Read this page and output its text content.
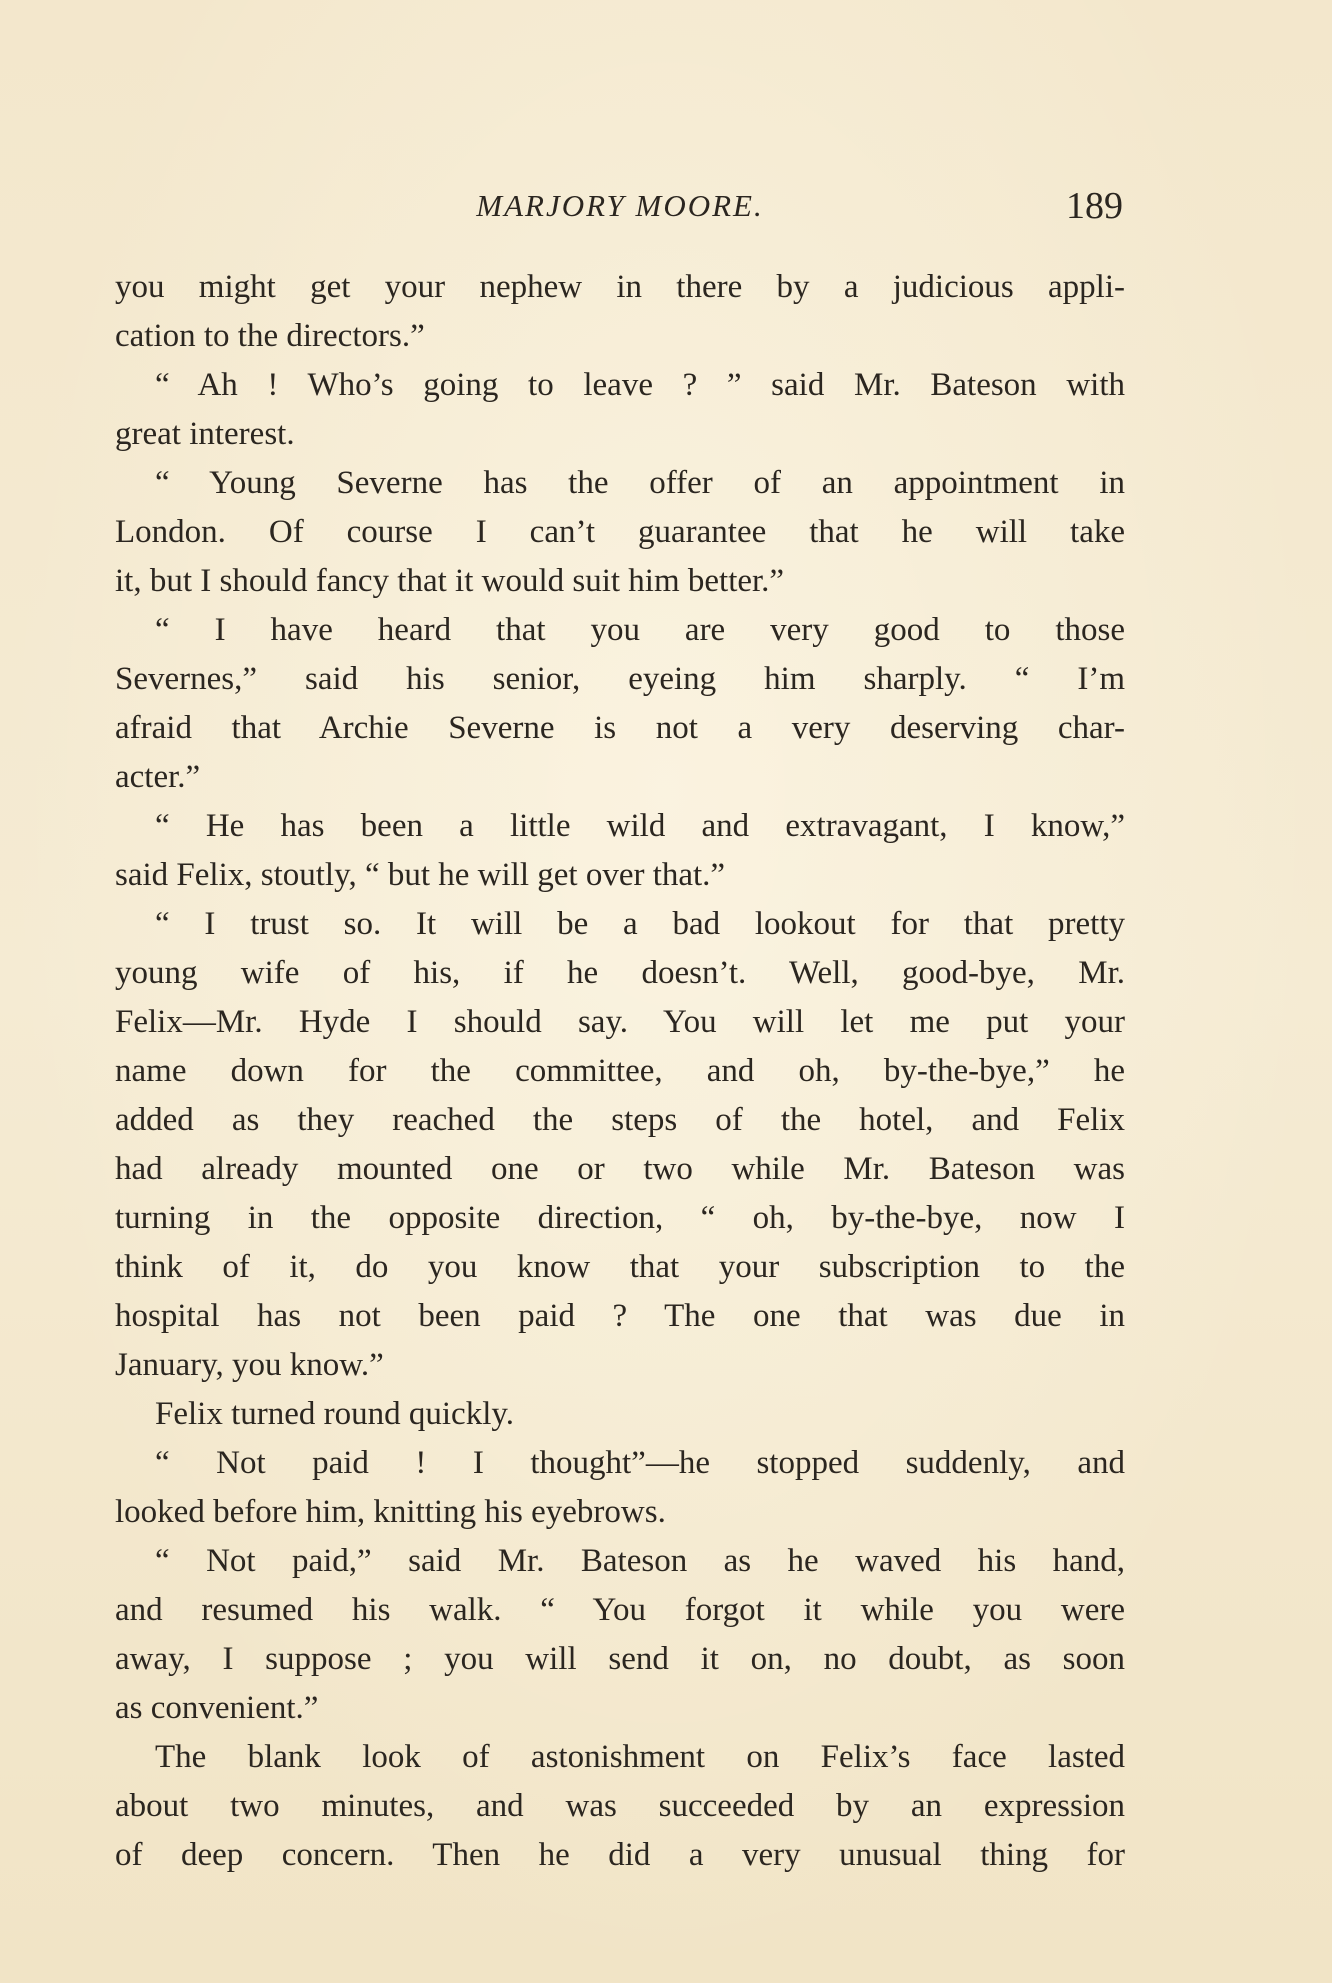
MARJORY MOORE.	189
you might get your nephew in there by a judicious appli-
cation to the directors.”
“ Ah ! Who’s going to leave ? ” said Mr. Bateson with
great interest.
“ Young Severne has the offer of an appointment in
London. Of course I can’t guarantee that he will take
it, but I should fancy that it would suit him better.”
“ I have heard that you are very good to those
Severnes,” said his senior, eyeing him sharply. “ I’m
afraid that Archie Severne is not a very deserving char-
acter.”
“ He has been a little wild and extravagant, I know,”
said Felix, stoutly, “ but he will get over that.”
“ I trust so. It will be a bad lookout for that pretty
young wife of his, if he doesn’t. Well, good-bye, Mr.
Felix—Mr. Hyde I should say. You will let me put your
name down for the committee, and oh, by-the-bye,” he
added as they reached the steps of the hotel, and Felix
had already mounted one or two while Mr. Bateson was
turning in the opposite direction, “ oh, by-the-bye, now I
think of it, do you know that your subscription to the
hospital has not been paid ? The one that was due in
January, you know.”
Felix turned round quickly.
“ Not paid ! I thought”—he stopped suddenly, and
looked before him, knitting his eyebrows.
“ Not paid,” said Mr. Bateson as he waved his hand,
and resumed his walk. “ You forgot it while you were
away, I suppose ; you will send it on, no doubt, as soon
as convenient.”
The blank look of astonishment on Felix’s face lasted
about two minutes, and was succeeded by an expression
of deep concern. Then he did a very unusual thing for
